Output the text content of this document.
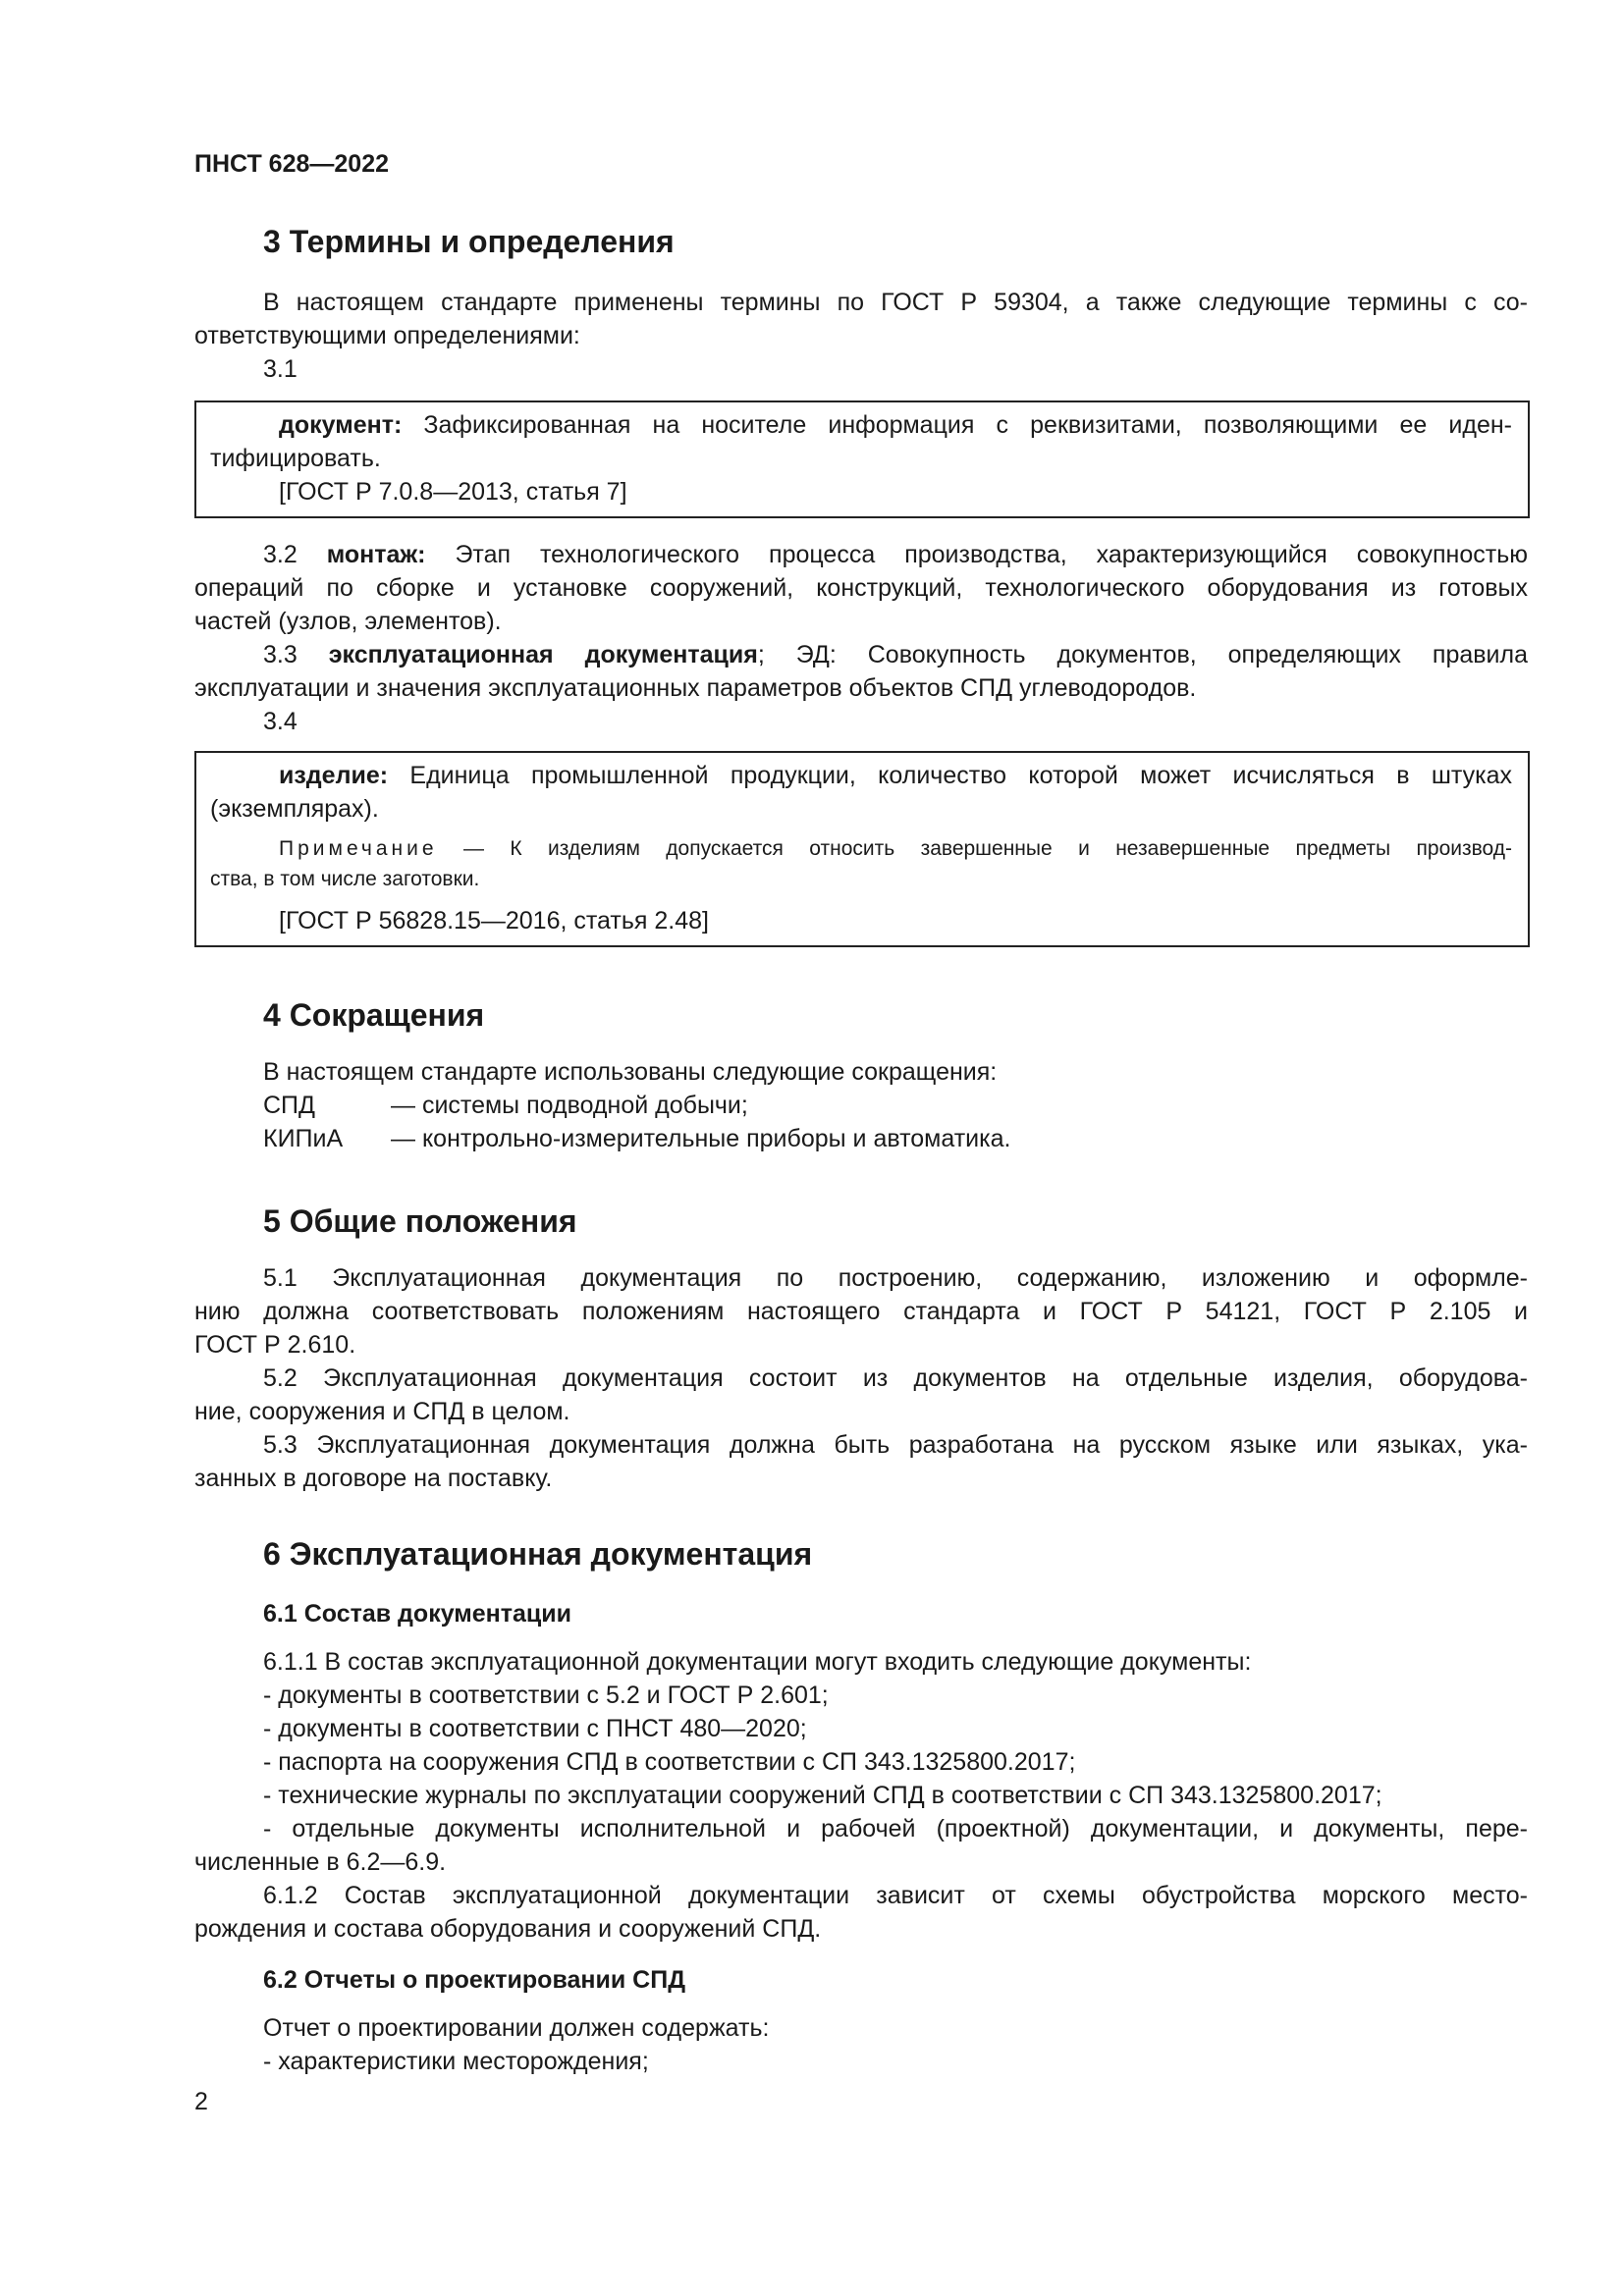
ПНСТ 628—2022
3 Термины и определения

В настоящем стандарте применены термины по ГОСТ Р 59304, а также следующие термины с со-

ответствующими определениями:

3.1

документ: Зафиксированная на носителе информация с реквизитами, позволяющими ее иден-

тифицировать.

[ГОСТ Р 7.0.8—2013, статья 7]

3.2 монтаж: Этап технологического процесса производства, характеризующийся совокупностью

операций по сборке и установке сооружений, конструкций, технологического оборудования из готовых

частей (узлов, элементов).

3.3 эксплуатационная документация; ЭД: Совокупность документов, определяющих правила

эксплуатации и значения эксплуатационных параметров объектов СПД углеводородов.

3.4

изделие: Единица промышленной продукции, количество которой может исчисляться в штуках

(экземплярах).

Примечание — К изделиям допускается относить завершенные и незавершенные предметы производ-

ства, в том числе заготовки.

[ГОСТ Р 56828.15—2016, статья 2.48]

4 Сокращения

В настоящем стандарте использованы следующие сокращения:

СПД	— системы подводной добычи;
КИПиА	— контрольно-измерительные приборы и автоматика.
5 Общие положения

5.1 Эксплуатационная документация по построению, содержанию, изложению и оформле-

нию должна соответствовать положениям настоящего стандарта и ГОСТ Р 54121, ГОСТ Р 2.105 и

ГОСТ Р 2.610.

5.2 Эксплуатационная документация состоит из документов на отдельные изделия, оборудова-

ние, сооружения и СПД в целом.

5.3 Эксплуатационная документация должна быть разработана на русском языке или языках, ука-

занных в договоре на поставку.

6 Эксплуатационная документация
6.1 Состав документации

6.1.1 В состав эксплуатационной документации могут входить следующие документы:

- документы в соответствии с 5.2 и ГОСТ Р 2.601;

- документы в соответствии с ПНСТ 480—2020;

- паспорта на сооружения СПД в соответствии с СП 343.1325800.2017;

- технические журналы по эксплуатации сооружений СПД в соответствии с СП 343.1325800.2017;

- отдельные документы исполнительной и рабочей (проектной) документации, и документы, пере-

численные в 6.2—6.9.

6.1.2 Состав эксплуатационной документации зависит от схемы обустройства морского место-

рождения и состава оборудования и сооружений СПД.

6.2 Отчеты о проектировании СПД

Отчет о проектировании должен содержать:

- характеристики месторождения;

2
